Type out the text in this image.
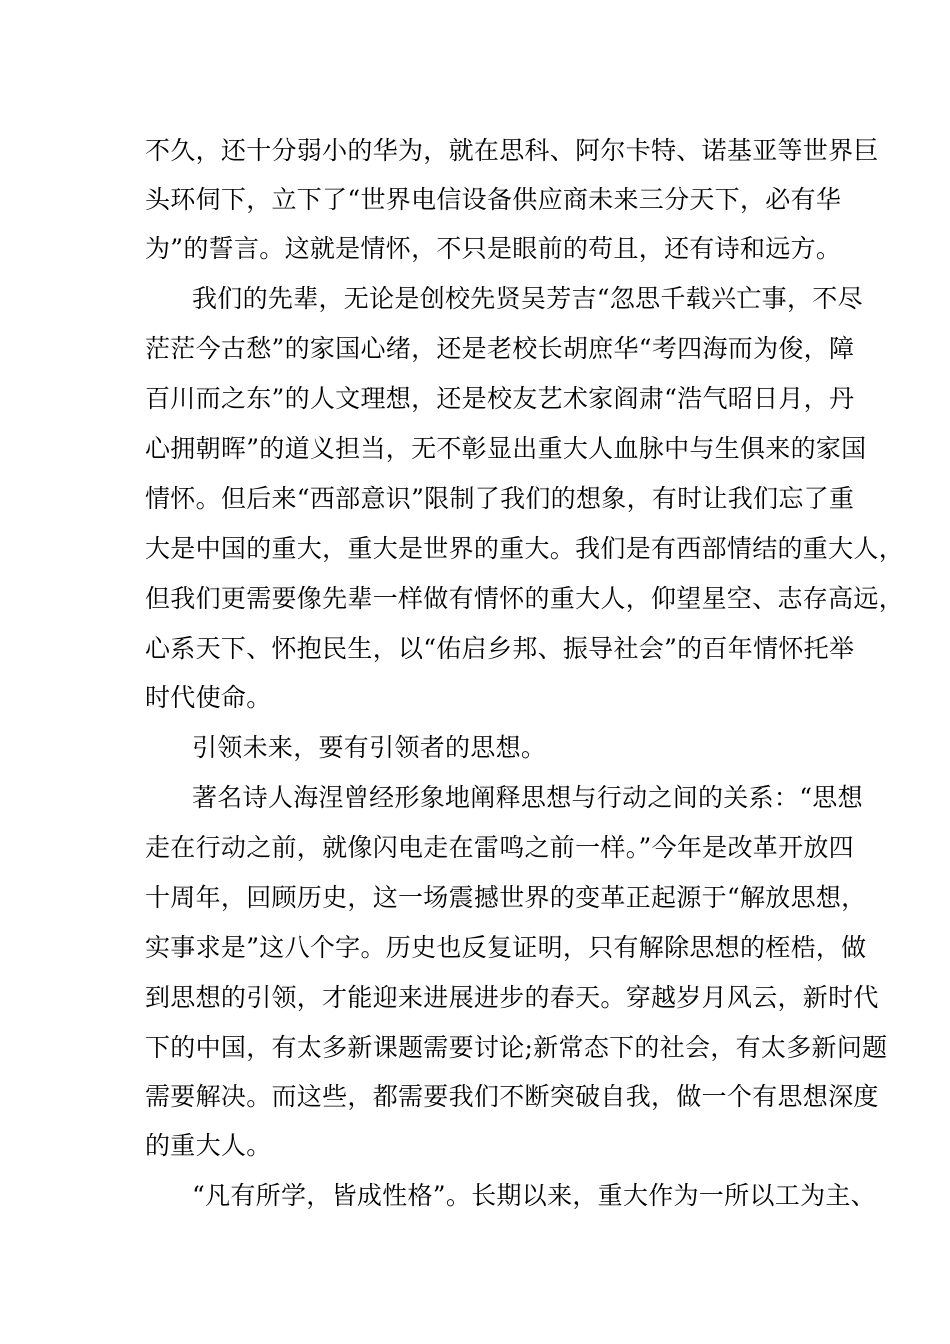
不久，还十分弱小的华为，就在思科、阿尔卡特、诺基亚等世界巨
头环伺下，立下了“世界电信设备供应商未来三分天下，必有华
为”的誓言。这就是情怀，不只是眼前的苟且，还有诗和远方。
我们的先辈，无论是创校先贤吴芳吉“忽思千载兴亡事，不尽
茫茫今古愁”的家国心绪，还是老校长胡庶华“考四海而为俊，障
百川而之东”的人文理想，还是校友艺术家阎肃“浩气昭日月，丹
心拥朝晖”的道义担当，无不彰显出重大人血脉中与生俱来的家国
情怀。但后来“西部意识”限制了我们的想象，有时让我们忘了重
大是中国的重大，重大是世界的重大。我们是有西部情结的重大人，
但我们更需要像先辈一样做有情怀的重大人，仰望星空、志存高远，
心系天下、怀抱民生，以“佑启乡邦、振导社会”的百年情怀托举
时代使命。
引领未来，要有引领者的思想。
著名诗人海涅曾经形象地阐释思想与行动之间的关系：“思想
走在行动之前，就像闪电走在雷鸣之前一样。”今年是改革开放四
十周年，回顾历史，这一场震撼世界的变革正起源于“解放思想，
实事求是”这八个字。历史也反复证明，只有解除思想的桎梏，做
到思想的引领，才能迎来进展进步的春天。穿越岁月风云，新时代
下的中国，有太多新课题需要讨论;新常态下的社会，有太多新问题
需要解决。而这些，都需要我们不断突破自我，做一个有思想深度
的重大人。
“凡有所学，皆成性格”。长期以来，重大作为一所以工为主、
